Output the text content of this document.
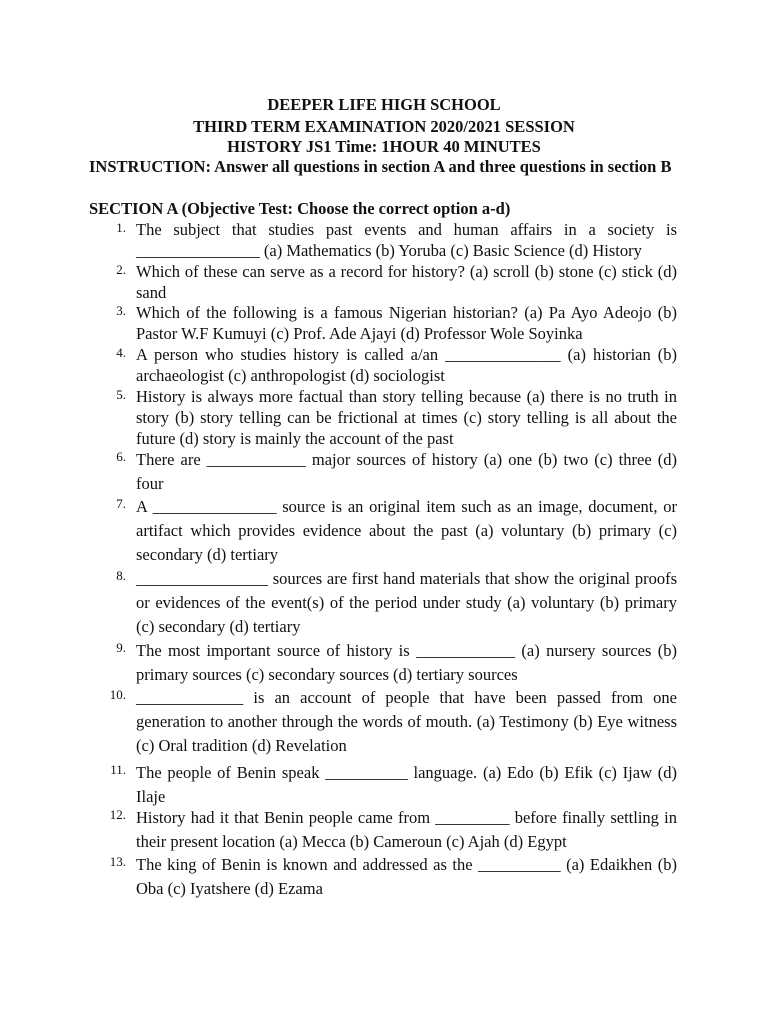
DEEPER LIFE HIGH SCHOOL
THIRD TERM EXAMINATION 2020/2021 SESSION
HISTORY JS1 Time: 1HOUR 40 MINUTES
INSTRUCTION: Answer all questions in section A and three questions in section B
SECTION A (Objective Test: Choose the correct option a-d)
1. The subject that studies past events and human affairs in a society is _______________ (a) Mathematics (b) Yoruba (c) Basic Science (d) History
2. Which of these can serve as a record for history? (a) scroll (b) stone (c) stick (d) sand
3. Which of the following is a famous Nigerian historian? (a) Pa Ayo Adeojo (b) Pastor W.F Kumuyi (c) Prof. Ade Ajayi (d) Professor Wole Soyinka
4. A person who studies history is called a/an ______________ (a) historian (b) archaeologist (c) anthropologist (d) sociologist
5. History is always more factual than story telling because (a) there is no truth in story (b) story telling can be frictional at times (c) story telling is all about the future (d) story is mainly the account of the past
6. There are ____________ major sources of history (a) one (b) two (c) three (d) four
7. A _______________ source is an original item such as an image, document, or artifact which provides evidence about the past (a) voluntary (b) primary (c) secondary (d) tertiary
8. ________________ sources are first hand materials that show the original proofs or evidences of the event(s) of the period under study (a) voluntary (b) primary (c) secondary (d) tertiary
9. The most important source of history is ____________ (a) nursery sources (b) primary sources (c) secondary sources (d) tertiary sources
10. _____________ is an account of people that have been passed from one generation to another through the words of mouth. (a) Testimony (b) Eye witness (c) Oral tradition (d) Revelation
11. The people of Benin speak __________ language. (a) Edo (b) Efik (c) Ijaw (d) Ilaje
12. History had it that Benin people came from _________ before finally settling in their present location (a) Mecca (b) Cameroun (c) Ajah (d) Egypt
13. The king of Benin is known and addressed as the __________ (a) Edaikhen (b) Oba (c) Iyatshere (d) Ezama
